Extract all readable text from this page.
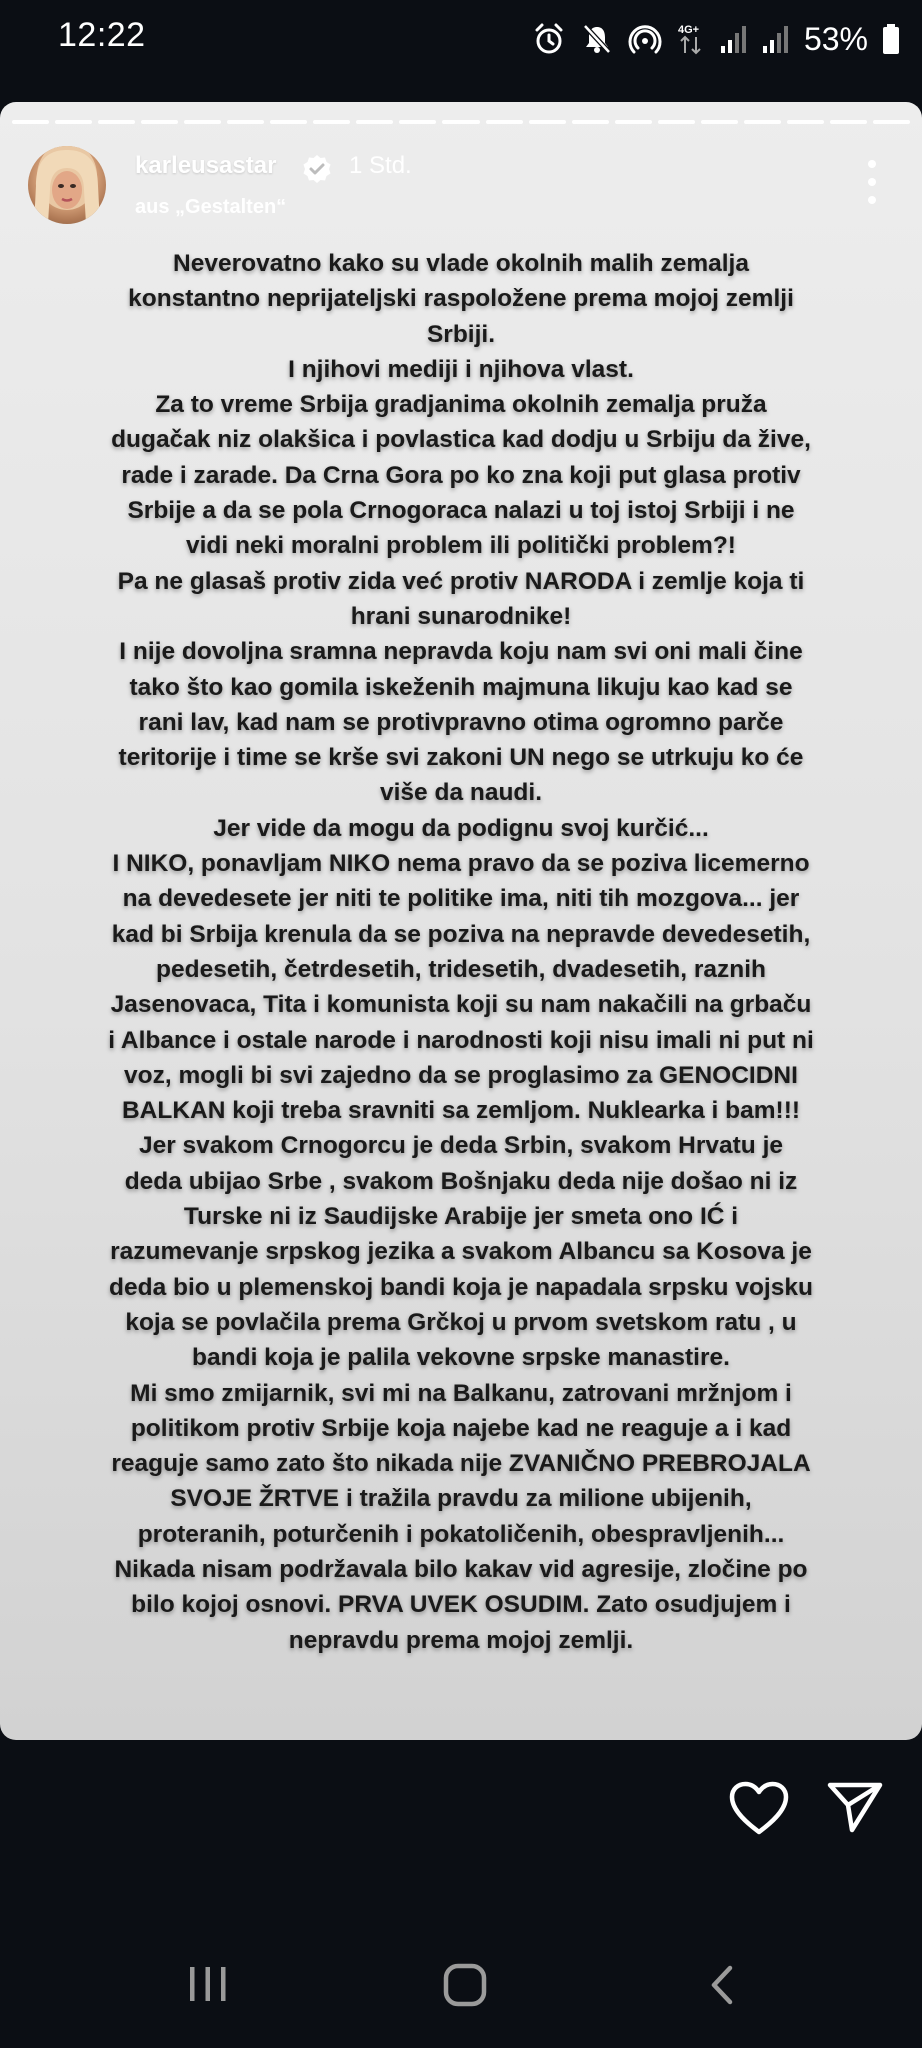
12:22	4G+	53%
karleusastar	1 Std.
aus „Gestalten“

Neverovatno kako su vlade okolnih malih zemalja

konstantno neprijateljski raspoložene prema mojoj zemlji

Srbiji.

I njihovi mediji i njihova vlast.

Za to vreme Srbija gradjanima okolnih zemalja pruža

dugačak niz olakšica i povlastica kad dodju u Srbiju da žive,

rade i zarade. Da Crna Gora po ko zna koji put glasa protiv

Srbije a da se pola Crnogoraca nalazi u toj istoj Srbiji i ne

vidi neki moralni problem ili politički problem?!

Pa ne glasaš protiv zida već protiv NARODA i zemlje koja ti

hrani sunarodnike!

I nije dovoljna sramna nepravda koju nam svi oni mali čine

tako što kao gomila iskeženih majmuna likuju kao kad se

rani lav, kad nam se protivpravno otima ogromno parče

teritorije i time se krše svi zakoni UN nego se utrkuju ko će

više da naudi.

Jer vide da mogu da podignu svoj kurčić...

I NIKO, ponavljam NIKO nema pravo da se poziva licemerno

na devedesete jer niti te politike ima, niti tih mozgova... jer

kad bi Srbija krenula da se poziva na nepravde devedesetih,

pedesetih, četrdesetih, tridesetih, dvadesetih, raznih

Jasenovaca, Tita i komunista koji su nam nakačili na grbaču

i Albance i ostale narode i narodnosti koji nisu imali ni put ni

voz, mogli bi svi zajedno da se proglasimo za GENOCIDNI

BALKAN koji treba sravniti sa zemljom. Nuklearka i bam!!!

Jer svakom Crnogorcu je deda Srbin, svakom Hrvatu je

deda ubijao Srbe , svakom Bošnjaku deda nije došao ni iz

Turske ni iz Saudijske Arabije jer smeta ono IĆ i

razumevanje srpskog jezika a svakom Albancu sa Kosova je

deda bio u plemenskoj bandi koja je napadala srpsku vojsku

koja se povlačila prema Grčkoj u prvom svetskom ratu , u

bandi koja je palila vekovne srpske manastire.

Mi smo zmijarnik, svi mi na Balkanu, zatrovani mržnjom i

politikom protiv Srbije koja najebe kad ne reaguje a i kad

reaguje samo zato što nikada nije ZVANIČNO PREBROJALA

SVOJE ŽRTVE i tražila pravdu za milione ubijenih,

proteranih, poturčenih i pokatoličenih, obespravljenih...

Nikada nisam podržavala bilo kakav vid agresije, zločine po

bilo kojoj osnovi. PRVA UVEK OSUDIM. Zato osudjujem i

nepravdu prema mojoj zemlji.
